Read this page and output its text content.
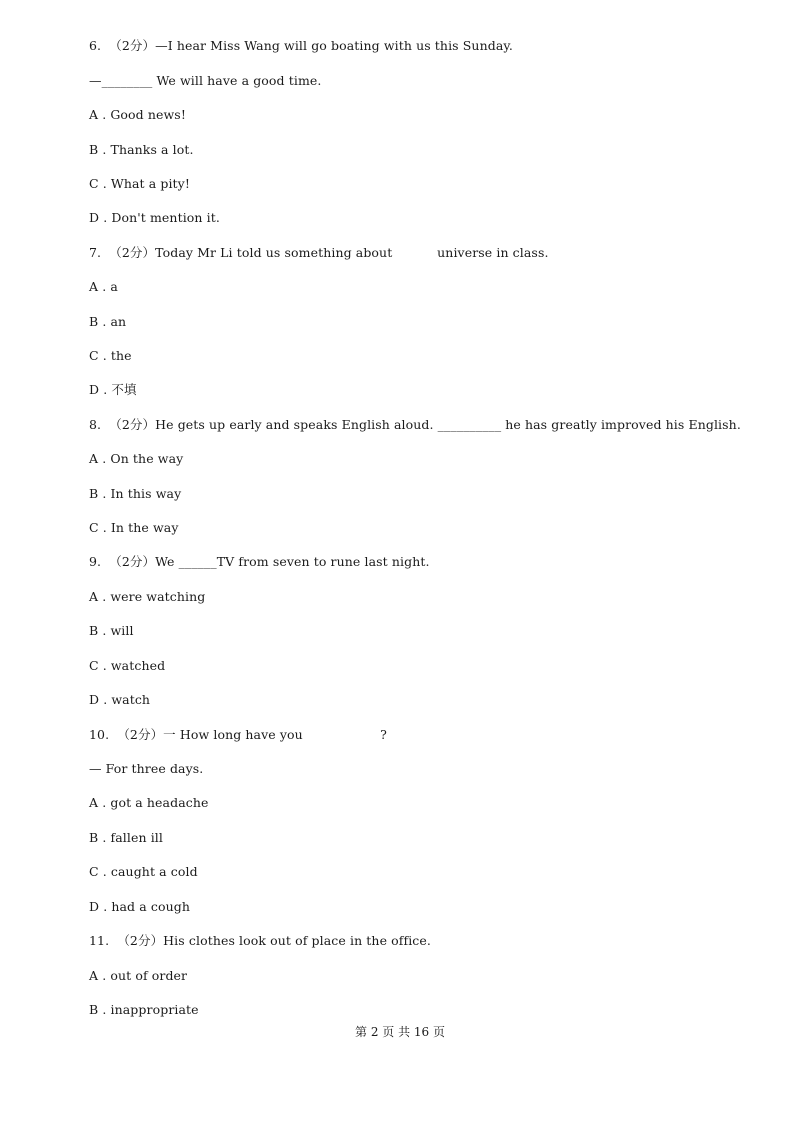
6.  （2分）—I hear Miss Wang will go boating with us this Sunday.
—________ We will have a good time.
A . Good news!
B . Thanks a lot.
C . What a pity!
D . Don't mention it.
7.  （2分）Today Mr Li told us something about           universe in class.
A . a
B . an
C . the
D . 不填
8.  （2分）He gets up early and speaks English aloud. __________ he has greatly improved his English.
A . On the way
B . In this way
C . In the way
9.  （2分）We ______TV from seven to rune last night.
A . were watching
B . will
C . watched
D . watch
10.  （2分）一 How long have you                   ?
— For three days.
A . got a headache
B . fallen ill
C . caught a cold
D . had a cough
11.  （2分）His clothes look out of place in the office.
A . out of order
B . inappropriate
第 2 页 共 16 页
